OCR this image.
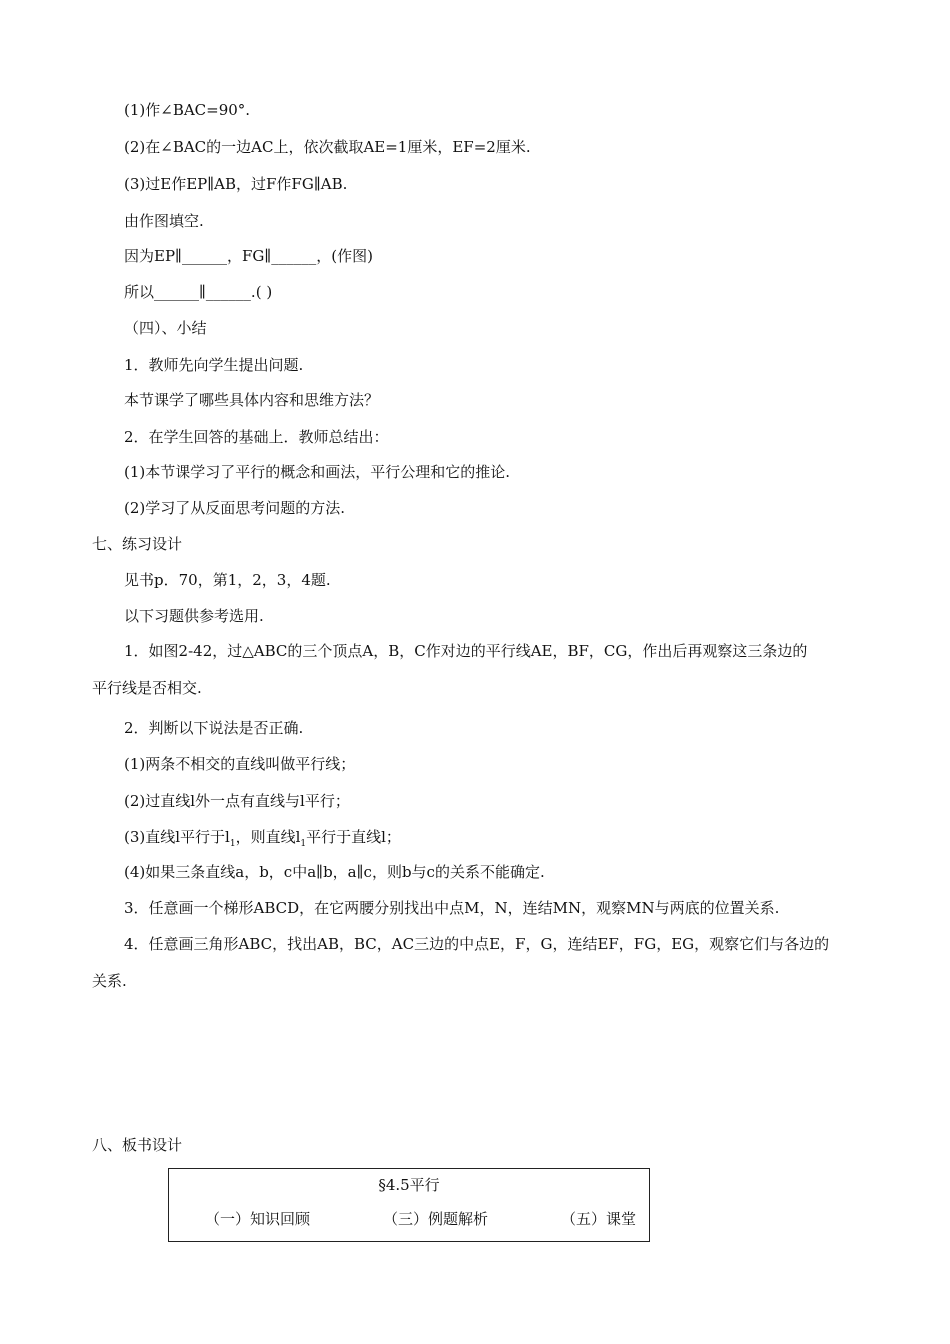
(1)作∠BAC=90°.
(2)在∠BAC的一边AC上，依次截取AE=1厘米，EF=2厘米.
(3)过E作EP∥AB，过F作FG∥AB.
由作图填空.
因为EP∥______，FG∥______，(作图)
所以______∥______.( )
（四）、小结
1．教师先向学生提出问题.
本节课学了哪些具体内容和思维方法？
2．在学生回答的基础上．教师总结出：
(1)本节课学习了平行的概念和画法，平行公理和它的推论.
(2)学习了从反面思考问题的方法.
七、练习设计
见书p．70，第1，2，3，4题.
以下习题供参考选用.
1．如图2-42，过△ABC的三个顶点A，B，C作对边的平行线AE，BF，CG，作出后再观察这三条边的
平行线是否相交.
2．判断以下说法是否正确.
(1)两条不相交的直线叫做平行线；
(2)过直线l外一点有直线与l平行；
(3)直线l平行于$l_1$，则直线$l_1$平行于直线l；
(4)如果三条直线a，b，c中a∥b，a∥c，则b与c的关系不能确定.
3．任意画一个梯形ABCD，在它两腰分别找出中点M，N，连结MN，观察MN与两底的位置关系.
4．任意画三角形ABC，找出AB，BC，AC三边的中点E，F，G，连结EF，FG，EG，观察它们与各边的
关系.
八、板书设计
§4.5平行
（一）知识回顾	（三）例题解析	（五）课堂
